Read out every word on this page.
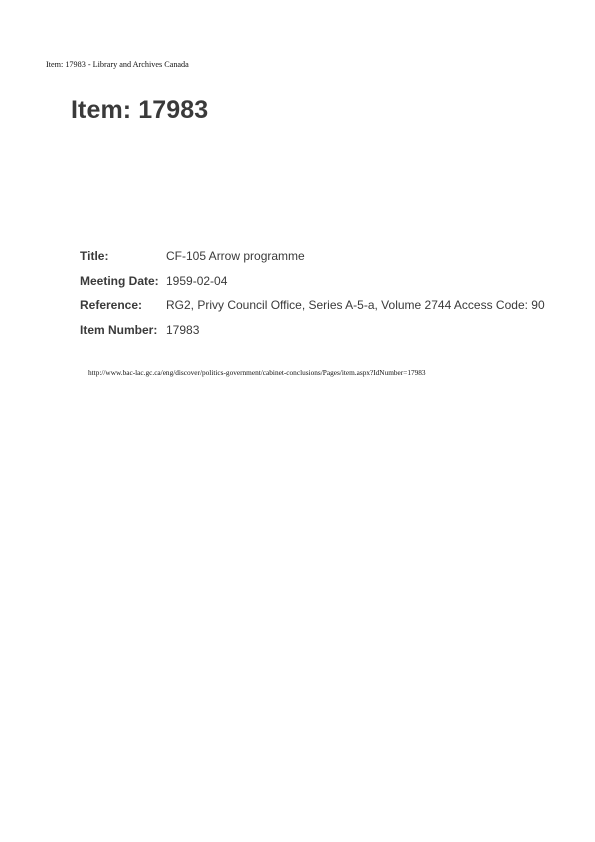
Item: 17983 - Library and Archives Canada
Item: 17983
Title:	CF-105 Arrow programme
Meeting Date: 1959-02-04
Reference:	RG2, Privy Council Office, Series A-5-a, Volume 2744 Access Code: 90
Item Number: 17983
http://www.bac-lac.gc.ca/eng/discover/politics-government/cabinet-conclusions/Pages/item.aspx?IdNumber=17983
